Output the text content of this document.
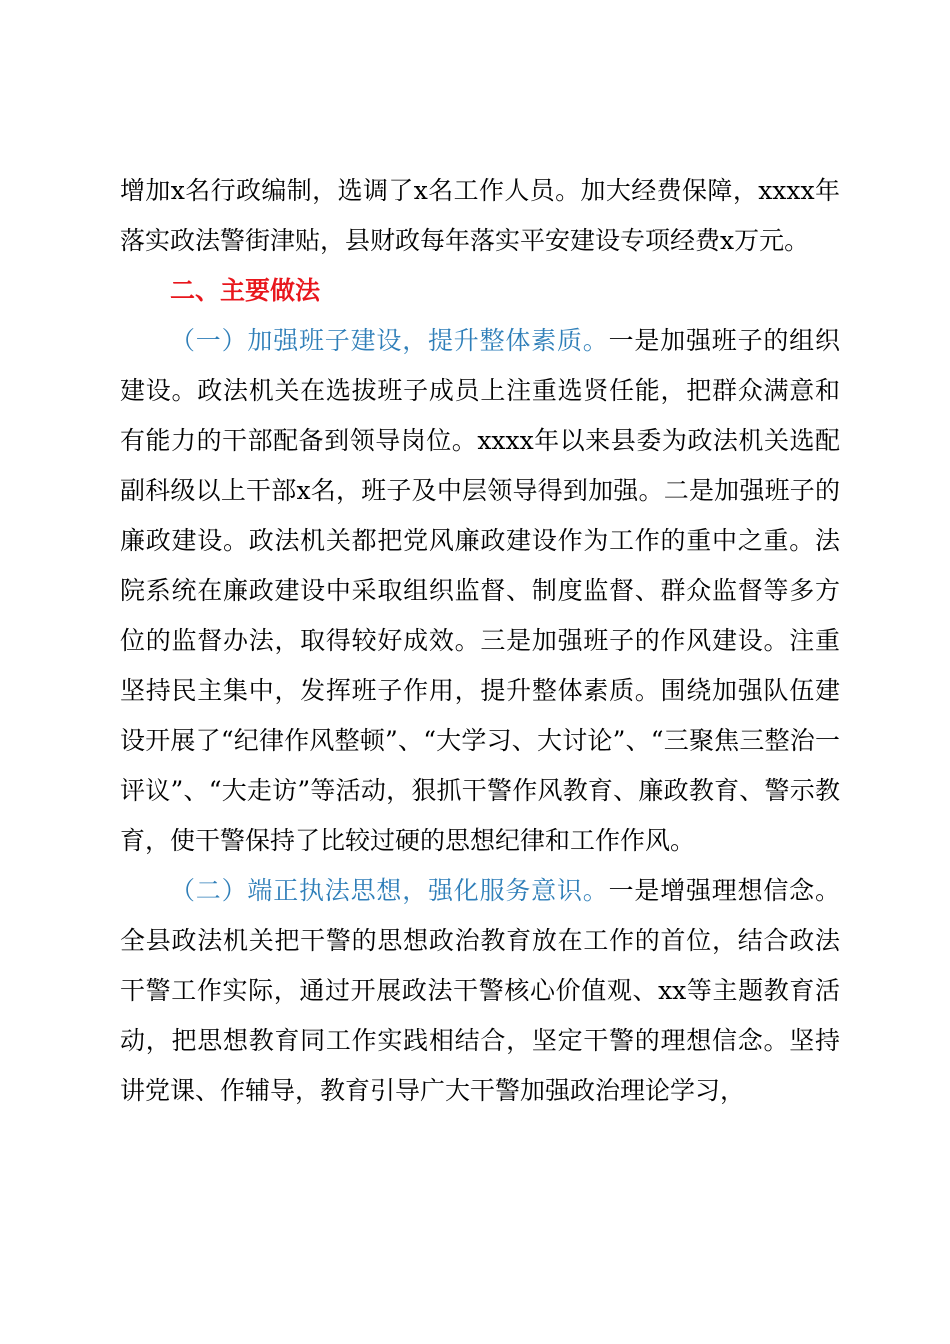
增加x名行政编制，选调了x名工作人员。加大经费保障，xxxx年落实政法警街津贴，县财政每年落实平安建设专项经费x万元。

二、主要做法

（一）加强班子建设，提升整体素质。一是加强班子的组织建设。政法机关在选拔班子成员上注重选贤任能，把群众满意和有能力的干部配备到领导岗位。xxxx年以来县委为政法机关选配副科级以上干部x名，班子及中层领导得到加强。二是加强班子的廉政建设。政法机关都把党风廉政建设作为工作的重中之重。法院系统在廉政建设中采取组织监督、制度监督、群众监督等多方位的监督办法，取得较好成效。三是加强班子的作风建设。注重坚持民主集中，发挥班子作用，提升整体素质。围绕加强队伍建设开展了“纪律作风整顿”、“大学习、大讨论”、“三聚焦三整治一评议”、“大走访”等活动，狠抓干警作风教育、廉政教育、警示教育，使干警保持了比较过硬的思想纪律和工作作风。

（二）端正执法思想，强化服务意识。一是增强理想信念。全县政法机关把干警的思想政治教育放在工作的首位，结合政法干警工作实际，通过开展政法干警核心价值观、xx等主题教育活动，把思想教育同工作实践相结合，坚定干警的理想信念。坚持讲党课、作辅导，教育引导广大干警加强政治理论学习，
